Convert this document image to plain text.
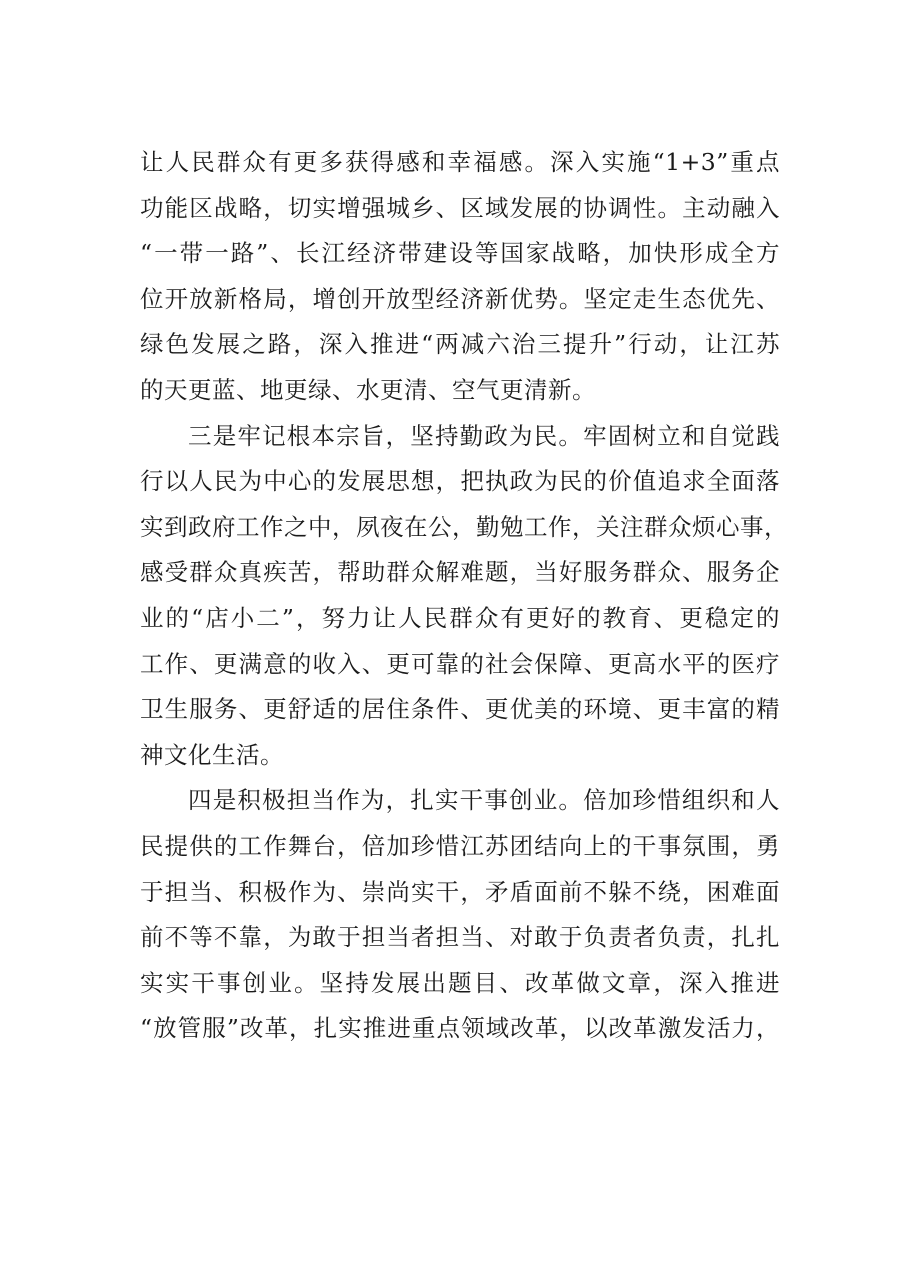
让人民群众有更多获得感和幸福感。深入实施“1+3”重点
功能区战略，切实增强城乡、区域发展的协调性。主动融入
“一带一路”、长江经济带建设等国家战略，加快形成全方
位开放新格局，增创开放型经济新优势。坚定走生态优先、
绿色发展之路，深入推进“两减六治三提升”行动，让江苏
的天更蓝、地更绿、水更清、空气更清新。
三是牢记根本宗旨，坚持勤政为民。牢固树立和自觉践
行以人民为中心的发展思想，把执政为民的价值追求全面落
实到政府工作之中，夙夜在公，勤勉工作，关注群众烦心事，
感受群众真疾苦，帮助群众解难题，当好服务群众、服务企
业的“店小二”，努力让人民群众有更好的教育、更稳定的
工作、更满意的收入、更可靠的社会保障、更高水平的医疗
卫生服务、更舒适的居住条件、更优美的环境、更丰富的精
神文化生活。
四是积极担当作为，扎实干事创业。倍加珍惜组织和人
民提供的工作舞台，倍加珍惜江苏团结向上的干事氛围，勇
于担当、积极作为、崇尚实干，矛盾面前不躲不绕，困难面
前不等不靠，为敢于担当者担当、对敢于负责者负责，扎扎
实实干事创业。坚持发展出题目、改革做文章，深入推进
“放管服”改革，扎实推进重点领域改革，以改革激发活力，
